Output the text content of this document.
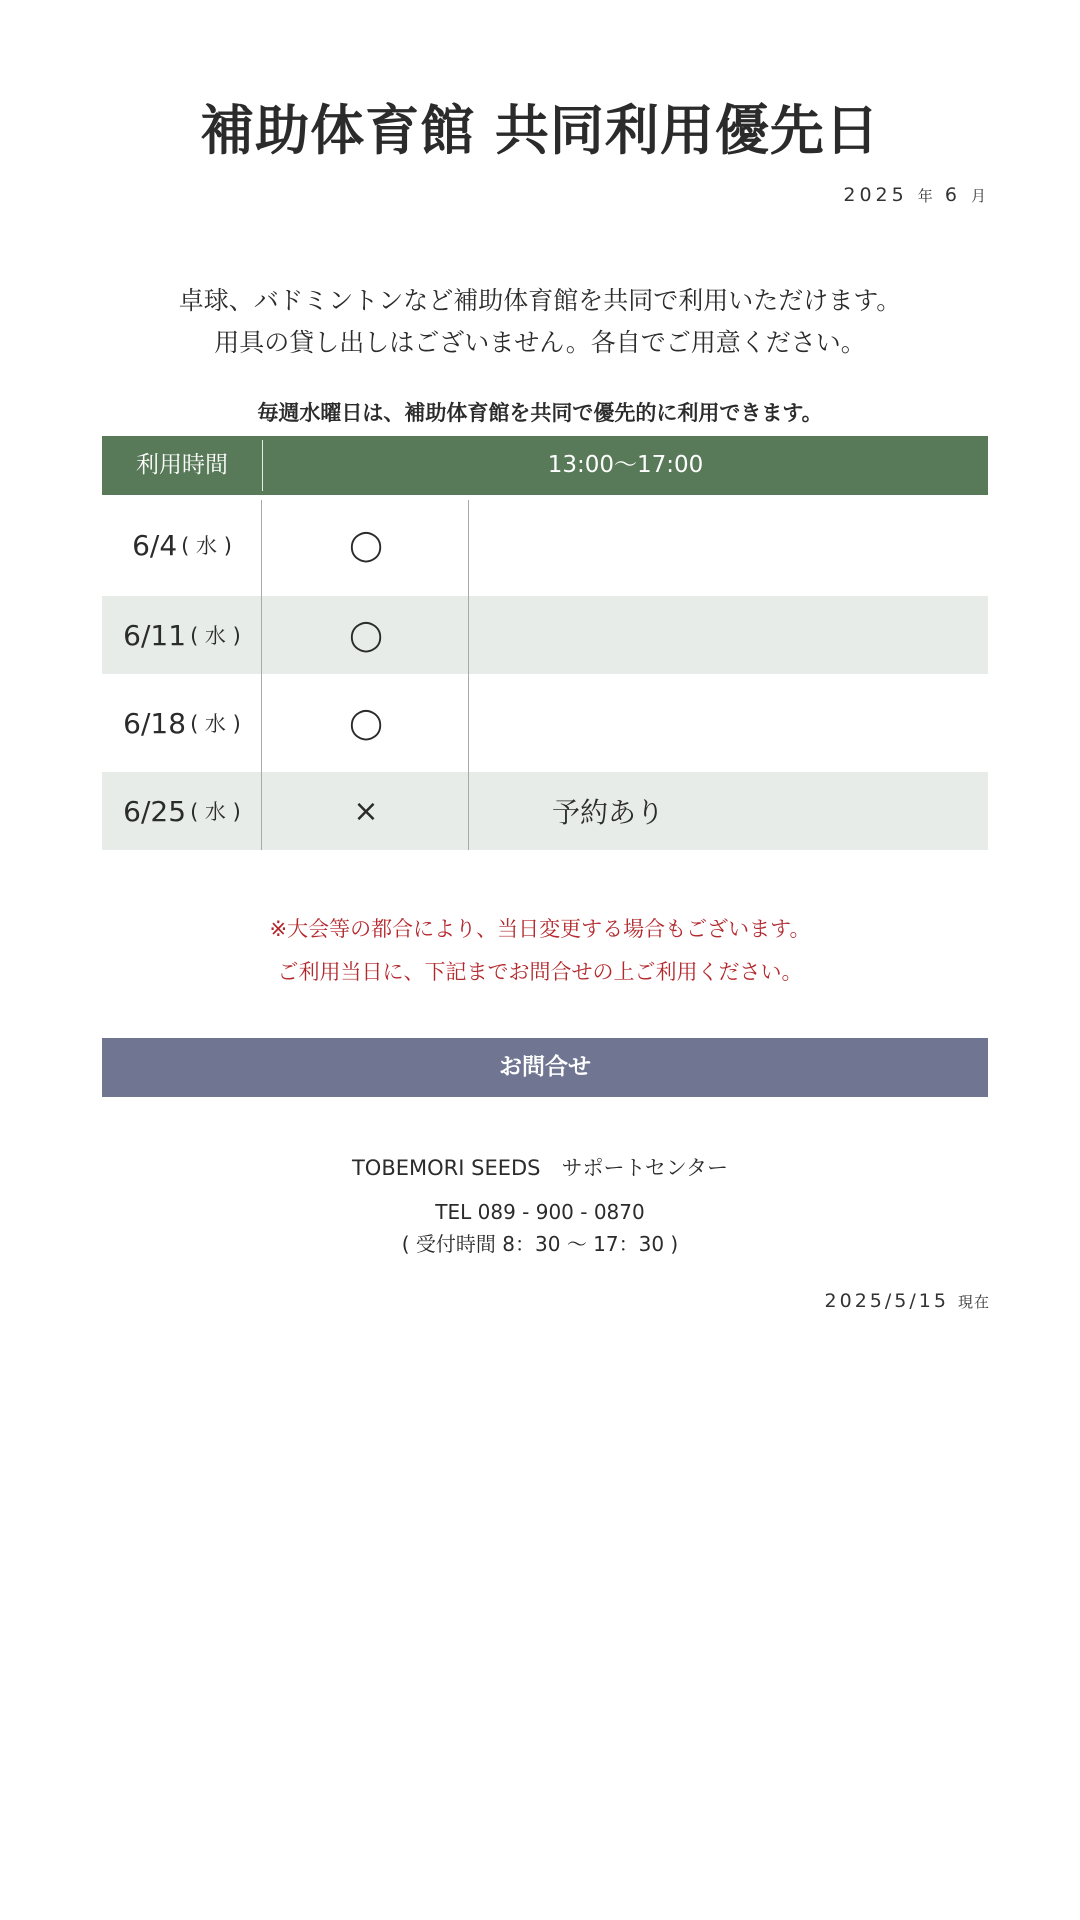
補助体育館 共同利用優先日
2025 年 6 月
卓球、バドミントンなど補助体育館を共同で利用いただけます。
用具の貸し出しはございません。各自でご用意ください。
毎週水曜日は、補助体育館を共同で優先的に利用できます。
利用時間	13:00〜17:00
6/4 ( 水 )	◯
6/11 ( 水 )	◯
6/18 ( 水 )	◯
6/25 ( 水 )	×	予約あり
※大会等の都合により、当日変更する場合もございます。
ご利用当日に、下記までお問合せの上ご利用ください。
お問合せ
TOBEMORI SEEDS　サポートセンター
TEL 089 - 900 - 0870
( 受付時間 8：30 〜 17：30 )
2025/5/15 現在
